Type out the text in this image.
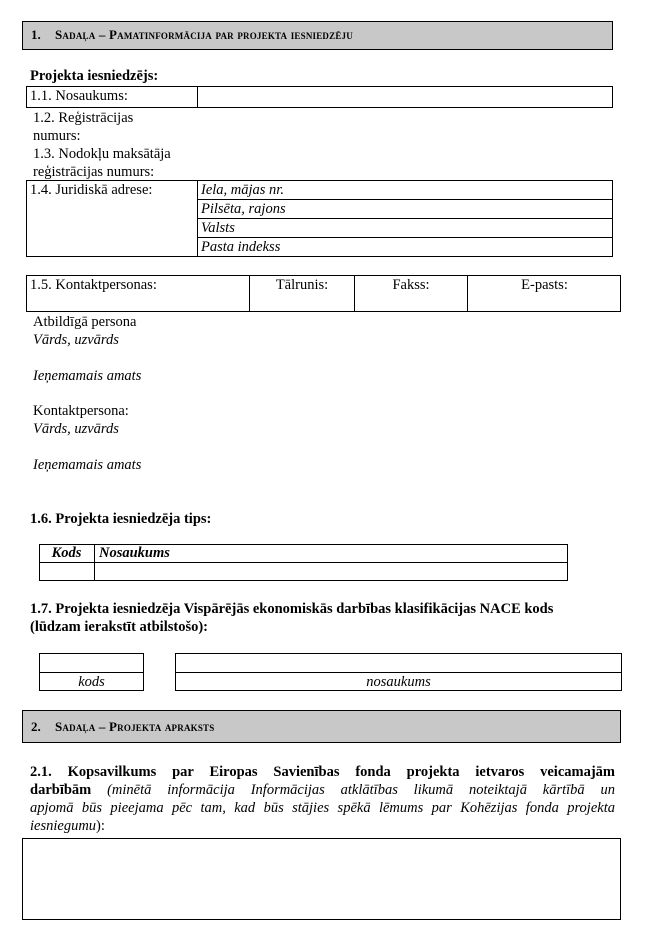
1. Sadaļa – Pamatinformācija par projekta iesniedzēju
Projekta iesniedzējs:
1.1. Nosaukums:
1.2. Reģistrācijas
numurs:
1.3. Nodokļu maksātāja
reģistrācijas numurs:
1.4. Juridiskā adrese:	Iela, mājas nr.
Pilsēta, rajons
Valsts
Pasta indekss
1.5. Kontaktpersonas:	Tālrunis:	Fakss:	E-pasts:
Atbildīgā persona
Vārds, uzvārds
Ieņemamais amats
Kontaktpersona:
Vārds, uzvārds
Ieņemamais amats
1.6. Projekta iesniedzēja tips:
Kods	Nosaukums
1.7. Projekta iesniedzēja Vispārējās ekonomiskās darbības klasifikācijas NACE kods
(lūdzam ierakstīt atbilstošo):
kods	nosaukums
2. Sadaļa – Projekta apraksts
2.1. Kopsavilkums par Eiropas Savienības fonda projekta ietvaros veicamajām
darbībām (minētā informācija Informācijas atklātības likumā noteiktajā kārtībā un
apjomā būs pieejama pēc tam, kad būs stājies spēkā lēmums par Kohēzijas fonda projekta
iesniegumu):
